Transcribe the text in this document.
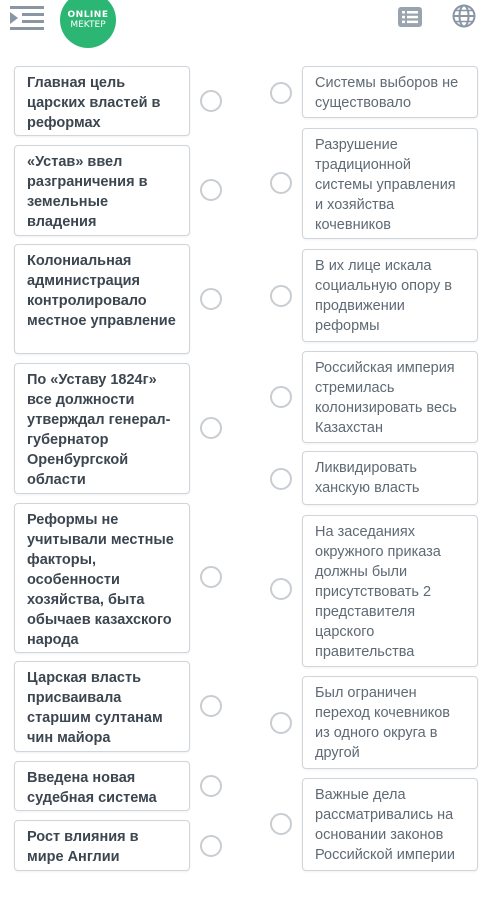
ONLINE
MEKTEP
Главная цель царских властей в реформах
«Устав» ввел разграничения в земельные владения
Колониальная администрация контролировало местное управление
По «Уставу 1824г» все должности утверждал генерал-губернатор Оренбургской области
Реформы не учитывали местные факторы, особенности хозяйства, быта обычаев казахского народа
Царская власть присваивала старшим султанам чин майора
Введена новая судебная система
Рост влияния в мире Англии
Системы выборов не существовало
Разрушение традиционной системы управления и хозяйства кочевников
В их лице искала социальную опору в продвижении реформы
Российская империя стремилась колонизировать весь Казахстан
Ликвидировать ханскую власть
На заседаниях окружного приказа должны были присутствовать 2 представителя царского правительства
Был ограничен переход кочевников из одного округа в другой
Важные дела рассматривались на основании законов Российской империи
